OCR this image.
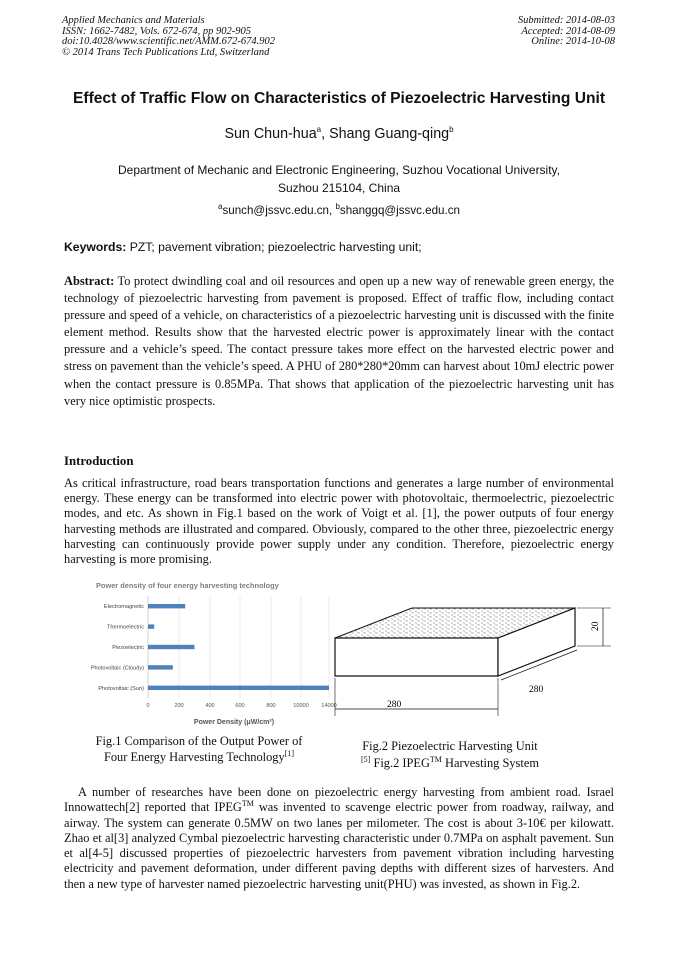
Applied Mechanics and Materials
ISSN: 1662-7482, Vols. 672-674, pp 902-905
doi:10.4028/www.scientific.net/AMM.672-674.902
© 2014 Trans Tech Publications Ltd, Switzerland
Submitted: 2014-08-03
Accepted: 2014-08-09
Online: 2014-10-08
Effect of Traffic Flow on Characteristics of Piezoelectric Harvesting Unit
Sun Chun-hua$^a$, Shang Guang-qing$^b$
Department of Mechanic and Electronic Engineering, Suzhou Vocational University,
Suzhou 215104, China
$^a$sunch@jssvc.edu.cn, $^b$shanggq@jssvc.edu.cn
Keywords: PZT; pavement vibration; piezoelectric harvesting unit;
Abstract: To protect dwindling coal and oil resources and open up a new way of renewable green energy, the technology of piezoelectric harvesting from pavement is proposed. Effect of traffic flow, including contact pressure and speed of a vehicle, on characteristics of a piezoelectric harvesting unit is discussed with the finite element method. Results show that the harvested electric power is approximately linear with the contact pressure and a vehicle’s speed. The contact pressure takes more effect on the harvested electric power and stress on pavement than the vehicle’s speed. A PHU of 280*280*20mm can harvest about 10mJ electric power when the contact pressure is 0.85MPa. That shows that application of the piezoelectric harvesting unit has very nice optimistic prospects.
Introduction
As critical infrastructure, road bears transportation functions and generates a large number of environmental energy. These energy can be transformed into electric power with photovoltaic, thermoelectric, piezoelectric modes, and etc. As shown in Fig.1 based on the work of Voigt et al. [1], the power outputs of four energy harvesting methods are illustrated and compared. Obviously, compared to the other three, piezoelectric energy harvesting can continuously provide power supply under any condition. Therefore, piezoelectric energy harvesting is more promising.
Power density of four energy harvesting technology
Electromagnetic
Thermoelectric
Piezoelectric
Photovoltaic (Cloudy)
Photovoltaic (Sun)
0	200	400	600	800	10000 14000
Power Density (μW/cm²)
20
280
280
Fig.1 Comparison of the Output Power of
Four Energy Harvesting Technology[1]
Fig.2 Piezoelectric Harvesting Unit
[5] Fig.2 IPEG™ Harvesting System
A number of researches have been done on piezoelectric energy harvesting from ambient road. Israel Innowattech[2] reported that IPEG™ was invented to scavenge electric power from roadway, railway, and airway. The system can generate 0.5MW on two lanes per milometer. The cost is about 3-10€ per kilowatt. Zhao et al[3] analyzed Cymbal piezoelectric harvesting characteristic under 0.7MPa on asphalt pavement. Sun et al[4-5] discussed properties of piezoelectric harvesters from pavement vibration including harvesting electricity and pavement deformation, under different paving depths with different sizes of harvesters. And then a new type of harvester named piezoelectric harvesting unit(PHU) was invested, as shown in Fig.2.
